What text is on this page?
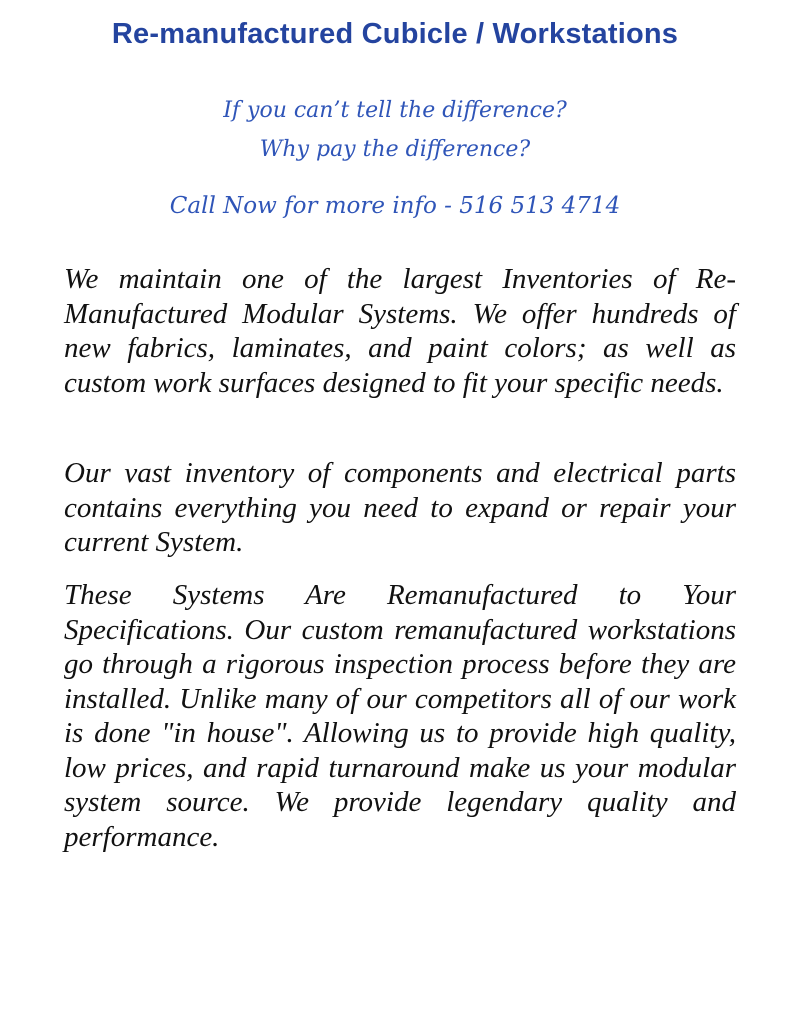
Re-manufactured Cubicle / Workstations

If you can’t tell the difference?

Why pay the difference?

Call Now for more info - 516 513 4714

We maintain one of the largest Inventories of Re-Manufactured Modular Systems. We offer hundreds of new fabrics, laminates, and paint colors; as well as custom work surfaces designed to fit your specific needs.

Our vast inventory of components and electrical parts contains everything you need to expand or repair your current System.

These Systems Are Remanufactured to Your Specifications. Our custom remanufactured workstations go through a rigorous inspection process before they are installed. Unlike many of our competitors all of our work is done "in house". Allowing us to provide high quality, low prices, and rapid turnaround make us your modular system source. We provide legendary quality and performance.
